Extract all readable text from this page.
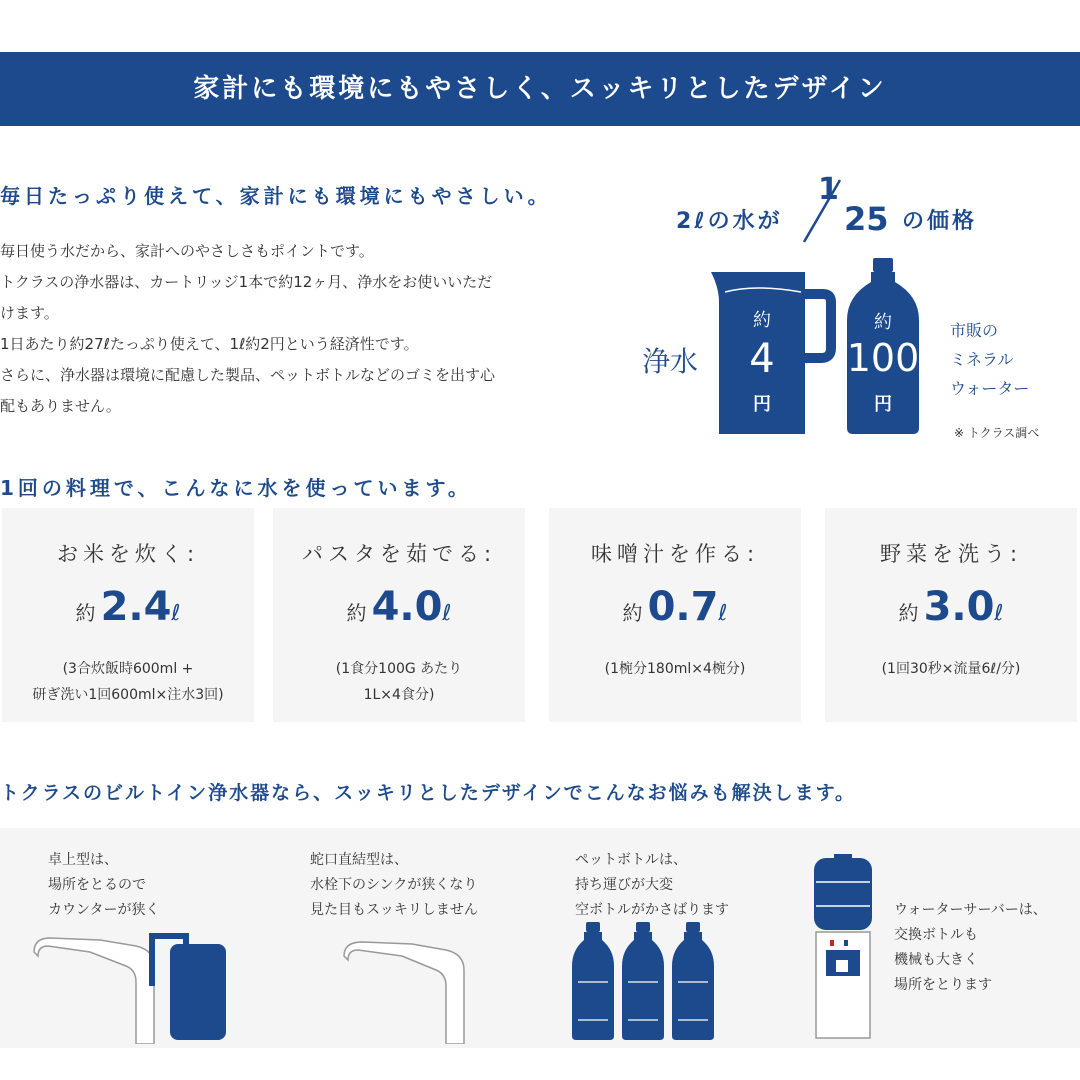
家計にも環境にもやさしく、スッキリとしたデザイン
毎日たっぷり使えて、家計にも環境にもやさしい。
毎日使う水だから、家計へのやさしさもポイントです。
トクラスの浄水器は、カートリッジ1本で約12ヶ月、浄水をお使いいただ
けます。
1日あたり約27ℓたっぷり使えて、1ℓ約2円という経済性です。
さらに、浄水器は環境に配慮した製品、ペットボトルなどのゴミを出す心
配もありません。
2ℓの水が
1
25 の価格
浄水
約
4
円
約
100
円
市販の
ミネラル
ウォーター
※ トクラス調べ
1回の料理で、こんなに水を使っています。
お米を炊く:
約 2.4ℓ
(3合炊飯時600ml +
研ぎ洗い1回600ml×注水3回)
パスタを茹でる:
約 4.0ℓ
(1食分100G あたり
1L×4食分)
味噌汁を作る:
約 0.7ℓ
(1椀分180ml×4椀分)
野菜を洗う:
約 3.0ℓ
(1回30秒×流量6ℓ/分)
トクラスのビルトイン浄水器なら、スッキリとしたデザインでこんなお悩みも解決します。
卓上型は、
場所をとるので
カウンターが狭く
蛇口直結型は、
水栓下のシンクが狭くなり
見た目もスッキリしません
ペットボトルは、
持ち運びが大変
空ボトルがかさばります	ウォーターサーバーは、
交換ボトルも
機械も大きく
場所をとります
